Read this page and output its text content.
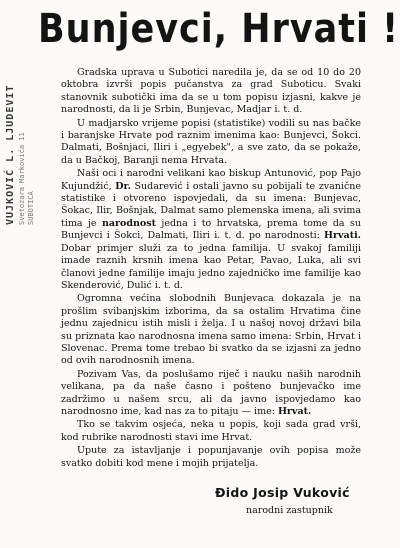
Bunjevci, Hrvati !
VUJKOVIĆ L. LJUDEVIT Svetozara Markovića 11 SUBOTICA

Gradska uprava u Subotici naredila je, da se od 10 do 20 oktobra izvrši popis pučanstva za grad Suboticu. Svaki stanovnik subotički ima da se u tom popisu izjasni, kakve je narodnosti, da li je Srbin, Bunjevac, Madjar i. t. d.

U madjarsko vrijeme popisi (statistike) vodili su nas bačke i baranjske Hrvate pod raznim imenima kao: Bunjevci, Šokci. Dalmati, Bošnjaci, Iliri i „egyebek", a sve zato, da se pokaže, da u Bačkoj, Baranji nema Hrvata.

Naši oci i narodni velikani kao biskup Antunović, pop Pajo Kujundžić, Dr. Sudarević i ostali javno su pobijali te zvanične statistike i otvoreno ispovjedali, da su imena: Bunjevac, Šokac, Ilir, Bošnjak, Dalmat samo plemenska imena, ali svima tima je narodnost jedna i to hrvatska, prema tome da su Bunjevci i Šokci, Dalmati, Iliri i. t. d. po narodnosti: Hrvati. Dobar primjer služi za to jedna familija. U svakoj familiji imade raznih krsnih imena kao Petar, Pavao, Luka, ali svi članovi jedne familije imaju jedno zajedničko ime familije kao Skenderović, Dulić i. t. d.

Ogromna većina slobodnih Bunjevaca dokazala je na prošlim svibanjskim izborima, da sa ostalim Hrvatima čine jednu zajednicu istih misli i želja. I u našoj novoj državi bila su priznata kao narodnosna imena samo imena: Srbin, Hrvat i Slovenac. Prema tome trebao bi svatko da se izjasni za jedno od ovih narodnosnih imena.

Pozivam Vas, da poslušamo riječ i nauku naših narodnih velikana, pa da naše časno i pošteno bunjevačko ime zadržimo u našem srcu, ali da javno ispovjedamo kao narodnosno ime, kad nas za to pitaju — ime: Hrvat.

Tko se takvim osjeća, neka u popis, koji sada grad vrši, kod rubrike narodnosti stavi ime Hrvat.

Upute za istavljanje i popunjavanje ovih popisa može svatko dobiti kod mene i mojih prijatelja.

Đido Josip Vuković
narodni zastupnik
